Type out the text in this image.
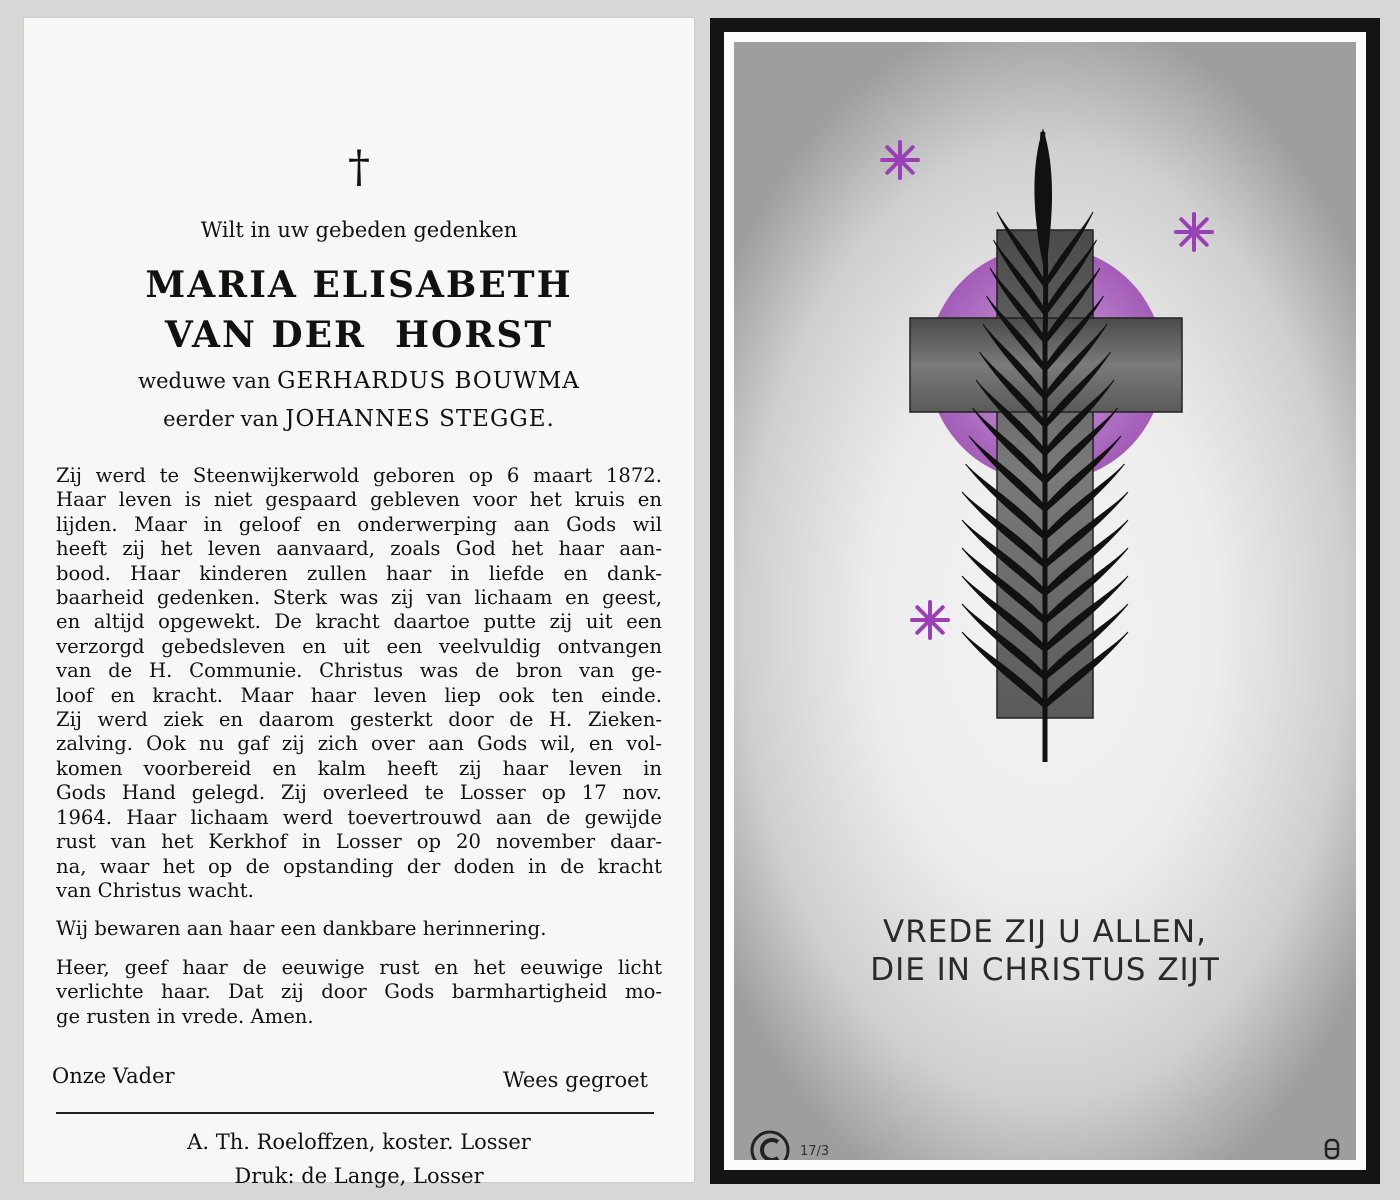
†
Wilt in uw gebeden gedenken
MARIA ELISABETH
VAN DER  HORST
weduwe van GERHARDUS BOUWMA
eerder van JOHANNES STEGGE.
Zij werd te Steenwijkerwold geboren op 6 maart 1872.
Haar leven is niet gespaard gebleven voor het kruis en
lijden. Maar in geloof en onderwerping aan Gods wil
heeft zij het leven aanvaard, zoals God het haar aan-
bood. Haar kinderen zullen haar in liefde en dank-
baarheid gedenken. Sterk was zij van lichaam en geest,
en altijd opgewekt. De kracht daartoe putte zij uit een
verzorgd gebedsleven en uit een veelvuldig ontvangen
van de H. Communie. Christus was de bron van ge-
loof en kracht. Maar haar leven liep ook ten einde.
Zij werd ziek en daarom gesterkt door de H. Zieken-
zalving. Ook nu gaf zij zich over aan Gods wil, en vol-
komen voorbereid en kalm heeft zij haar leven in
Gods Hand gelegd. Zij overleed te Losser op 17 nov.
1964. Haar lichaam werd toevertrouwd aan de gewijde
rust van het Kerkhof in Losser op 20 november daar-
na, waar het op de opstanding der doden in de kracht
van Christus wacht.
Wij bewaren aan haar een dankbare herinnering.
Heer, geef haar de eeuwige rust en het eeuwige licht
verlichte haar. Dat zij door Gods barmhartigheid mo-
ge rusten in vrede. Amen.
Onze Vader	Wees gegroet
A. Th. Roeloffzen, koster. Losser
Druk: de Lange, Losser
VREDE ZIJ U ALLEN,
DIE IN CHRISTUS ZIJT
17/3
